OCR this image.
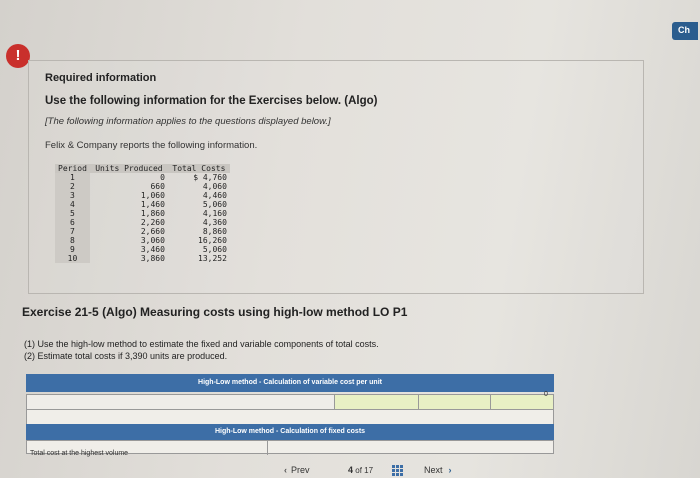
Ch
!
Required information
Use the following information for the Exercises below. (Algo)
[The following information applies to the questions displayed below.]
Felix & Company reports the following information.
Period	Units Produced	Total Costs
1	0	$ 4,760
2	660	4,060
3	1,060	4,460
4	1,460	5,060
5	1,860	4,160
6	2,260	4,360
7	2,660	8,860
8	3,060	16,260
9	3,460	5,060
10	3,860	13,252
Exercise 21-5 (Algo) Measuring costs using high-low method LO P1
(1) Use the high-low method to estimate the fixed and variable components of total costs.
(2) Estimate total costs if 3,390 units are produced.
High-Low method - Calculation of variable cost per unit
High-Low method - Calculation of fixed costs
Total cost at the highest volume
0
‹ Prev	4 of 17	Next ›
